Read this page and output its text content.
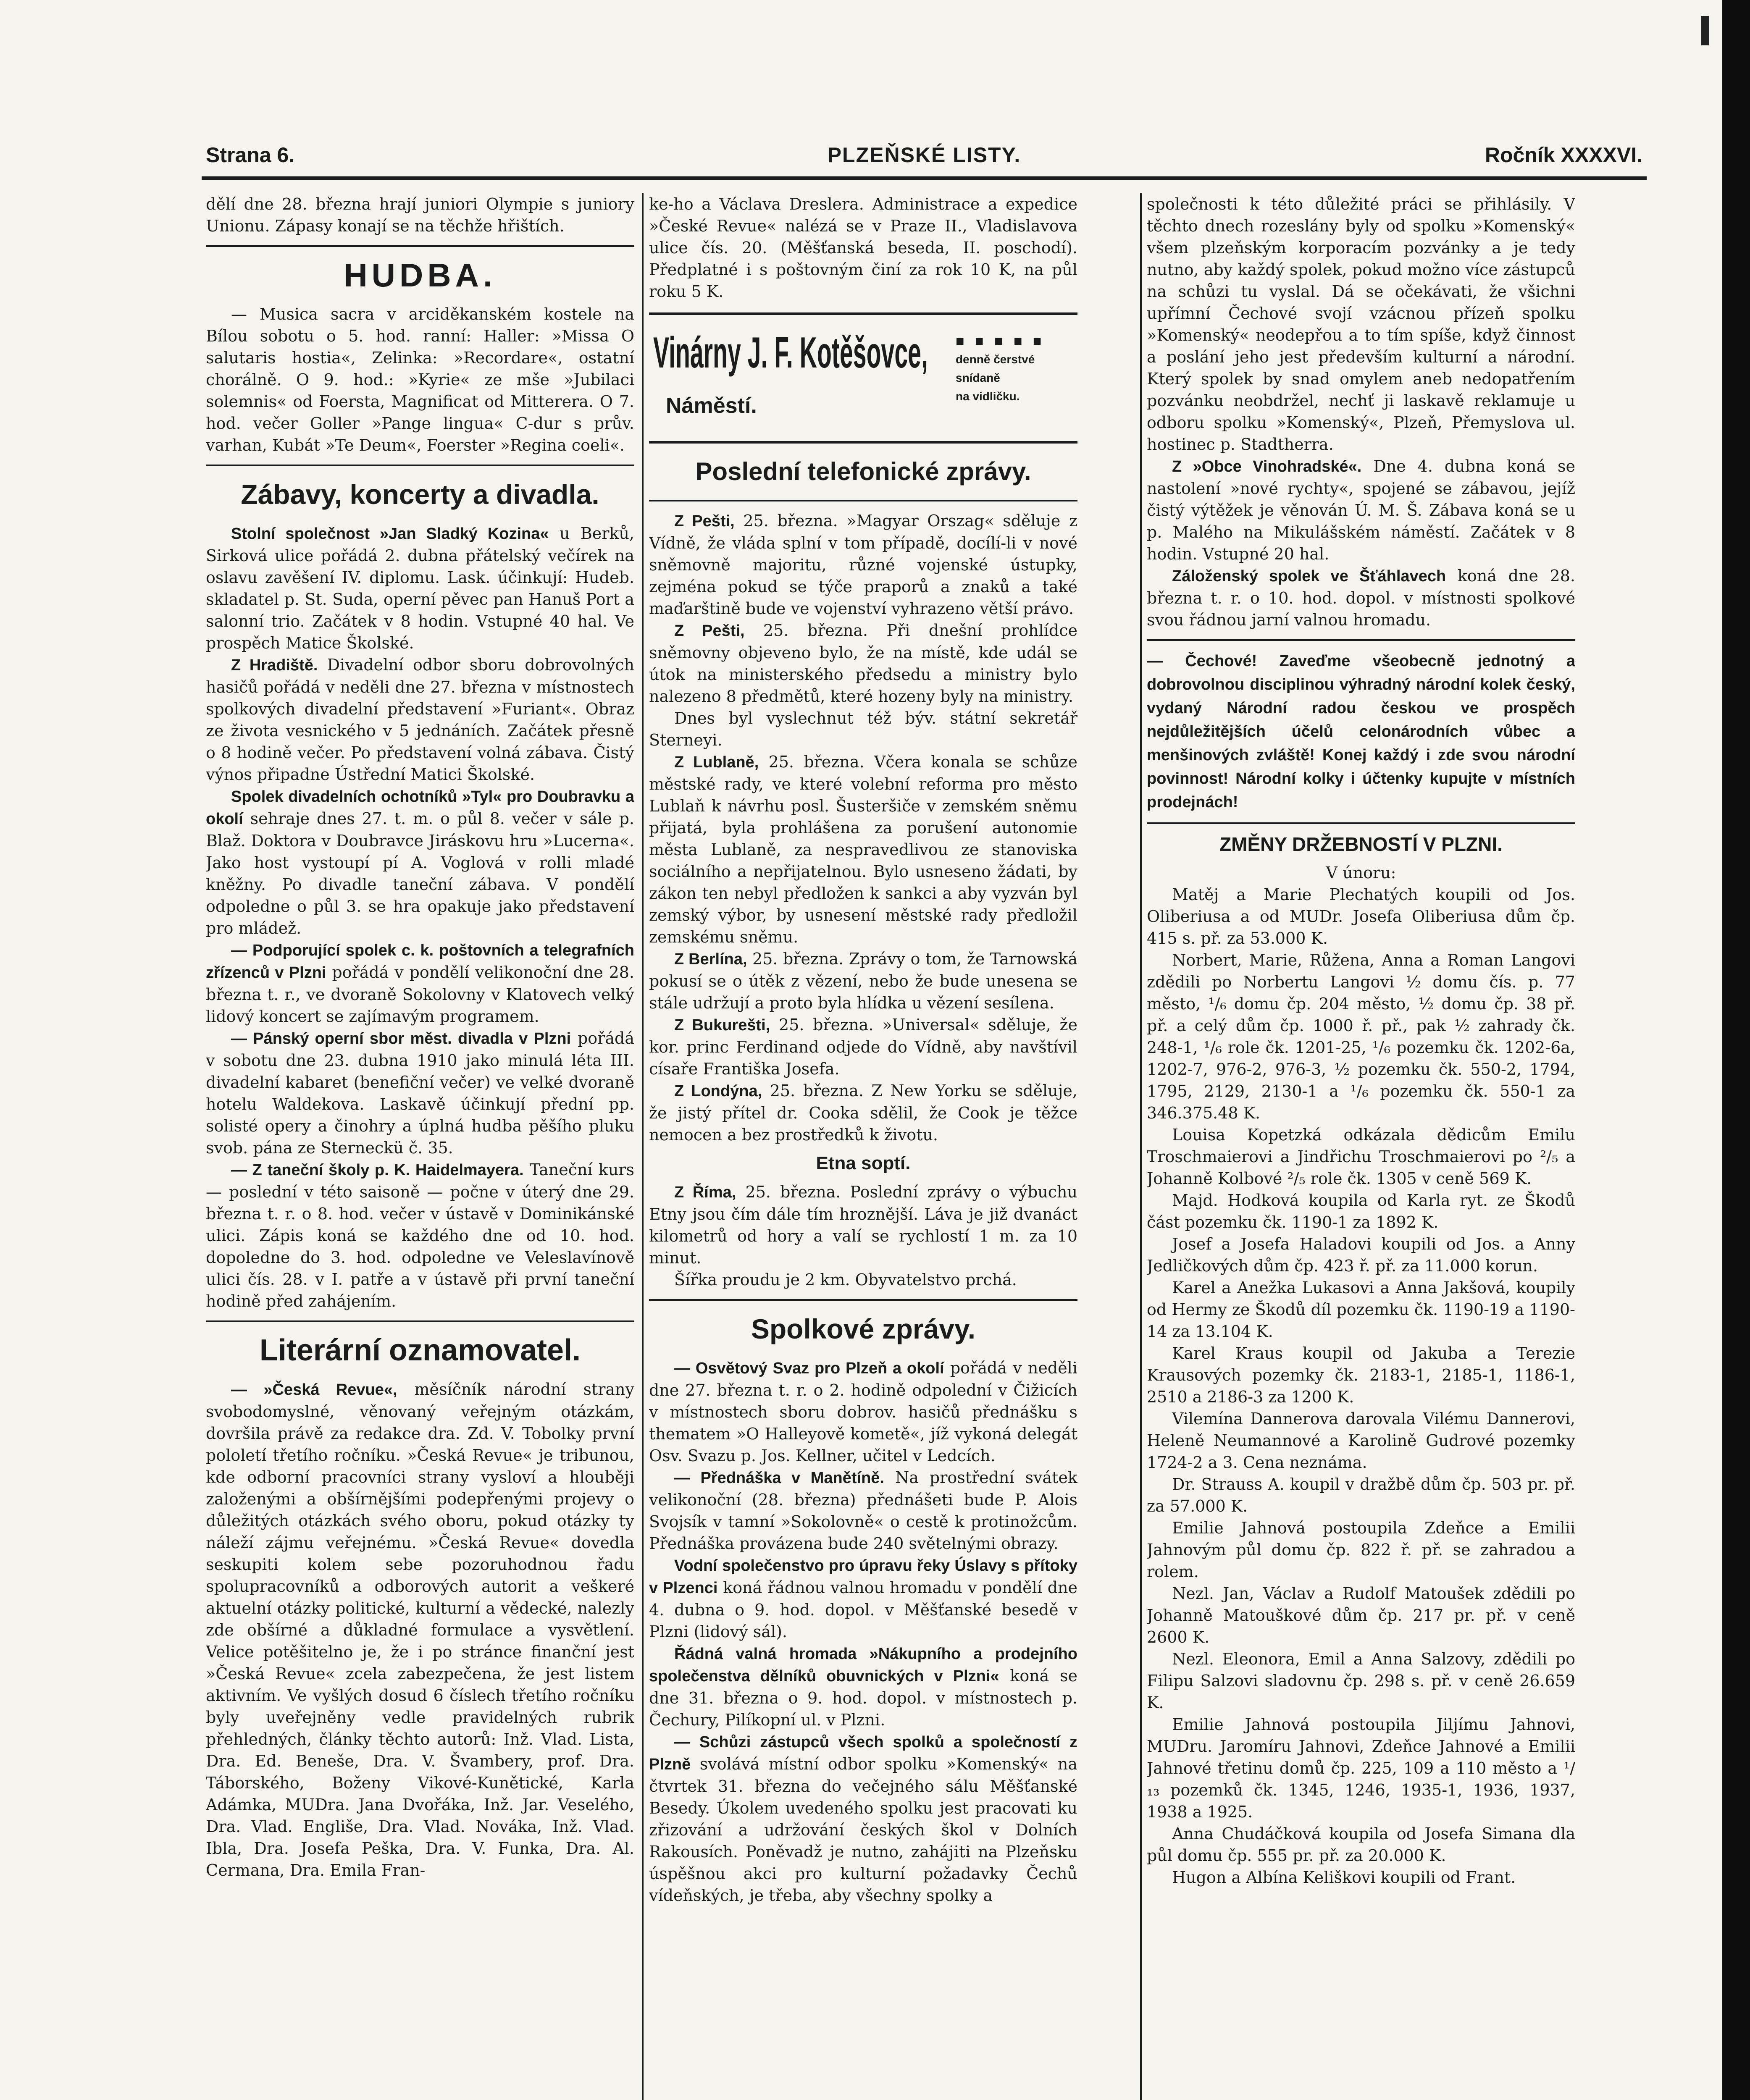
Strana 6.	PLZEŇSKÉ LISTY.	Ročník XXXXVI.

dělí dne 28. března hrají juniori Olympie s juniory Unionu. Zápasy konají se na těchže hřištích.

HUDBA.

— Musica sacra v arciděkanském kostele na Bílou sobotu o 5. hod. ranní: Haller: »Missa O salutaris hostia«, Zelinka: »Recordare«, ostatní chorálně. O 9. hod.: »Kyrie« ze mše »Jubilaci solemnis« od Foersta, Magnificat od Mitterera. O 7. hod. večer Goller »Pange lingua« C-dur s prův. varhan, Kubát »Te Deum«, Foerster »Regina coeli«.

Zábavy, koncerty a divadla.

Stolní společnost »Jan Sladký Kozina« u Berků, Sirková ulice pořádá 2. dubna přátelský večírek na oslavu zavěšení IV. diplomu. Lask. účinkují: Hudeb. skladatel p. St. Suda, operní pěvec pan Hanuš Port a salonní trio. Začátek v 8 hodin. Vstupné 40 hal. Ve prospěch Matice Školské.

Z Hradiště. Divadelní odbor sboru dobrovolných hasičů pořádá v neděli dne 27. března v místnostech spolkových divadelní představení »Furiant«. Obraz ze života vesnického v 5 jednáních. Začátek přesně o 8 hodině večer. Po představení volná zábava. Čistý výnos připadne Ústřední Matici Školské.

Spolek divadelních ochotníků »Tyl« pro Doubravku a okolí sehraje dnes 27. t. m. o půl 8. večer v sále p. Blaž. Doktora v Doubravce Jiráskovu hru »Lucerna«. Jako host vystoupí pí A. Voglová v rolli mladé kněžny. Po divadle taneční zábava. V pondělí odpoledne o půl 3. se hra opakuje jako představení pro mládež.

— Podporující spolek c. k. poštovních a telegrafních zřízenců v Plzni pořádá v pondělí velikonoční dne 28. března t. r., ve dvoraně Sokolovny v Klatovech velký lidový koncert se zajímavým programem.

— Pánský operní sbor měst. divadla v Plzni pořádá v sobotu dne 23. dubna 1910 jako minulá léta III. divadelní kabaret (benefiční večer) ve velké dvoraně hotelu Waldekova. Laskavě účinkují přední pp. solisté opery a činohry a úplná hudba pěšího pluku svob. pána ze Sterneckü č. 35.

— Z taneční školy p. K. Haidelmayera. Taneční kurs — poslední v této saisoně — počne v úterý dne 29. března t. r. o 8. hod. večer v ústavě v Dominikánské ulici. Zápis koná se každého dne od 10. hod. dopoledne do 3. hod. odpoledne ve Veleslavínově ulici čís. 28. v I. patře a v ústavě při první taneční hodině před zahájením.

Literární oznamovatel.

— »Česká Revue«, měsíčník národní strany svobodomyslné, věnovaný veřejným otázkám, dovršila právě za redakce dra. Zd. V. Tobolky první pololetí třetího ročníku. »Česká Revue« je tribunou, kde odborní pracovníci strany vysloví a hlouběji založenými a obšírnějšími podepřenými projevy o důležitých otázkách svého oboru, pokud otázky ty náleží zájmu veřejnému. »Česká Revue« dovedla seskupiti kolem sebe pozoruhodnou řadu spolupracovníků a odborových autorit a veškeré aktuelní otázky politické, kulturní a vědecké, nalezly zde obšírné a důkladné formulace a vysvětlení. Velice potěšitelno je, že i po stránce finanční jest »Česká Revue« zcela zabezpečena, že jest listem aktivním. Ve vyšlých dosud 6 číslech třetího ročníku byly uveřejněny vedle pravidelných rubrik přehledných, články těchto autorů: Inž. Vlad. Lista, Dra. Ed. Beneše, Dra. V. Švambery, prof. Dra. Táborského, Boženy Vikové-Kunětické, Karla Adámka, MUDra. Jana Dvořáka, Inž. Jar. Veselého, Dra. Vlad. Engliše, Dra. Vlad. Nováka, Inž. Vlad. Ibla, Dra. Josefa Peška, Dra. V. Funka, Dra. Al. Cermana, Dra. Emila Fran-

ke-ho a Václava Dreslera. Administrace a expedice »České Revue« nalézá se v Praze II., Vladislavova ulice čís. 20. (Měšťanská beseda, II. poschodí). Předplatné i s poštovným činí za rok 10 K, na půl roku 5 K.

Vinárny J. F. Kotěšovce,
Náměstí.
■ ■ ■ ■ ■
denně čerstvé
snídaně
na vidličku.
Poslední telefonické zprávy.

Z Pešti, 25. března. »Magyar Orszag« sděluje z Vídně, že vláda splní v tom případě, docílí-li v nové sněmovně majoritu, různé vojenské ústupky, zejména pokud se týče praporů a znaků a také maďarštině bude ve vojenství vyhrazeno větší právo.

Z Pešti, 25. března. Při dnešní prohlídce sněmovny objeveno bylo, že na místě, kde udál se útok na ministerského předsedu a ministry bylo nalezeno 8 předmětů, které hozeny byly na ministry.

Dnes byl vyslechnut též býv. státní sekretář Sterneyi.

Z Lublaně, 25. března. Včera konala se schůze městské rady, ve které volební reforma pro město Lublaň k návrhu posl. Šusteršiče v zemském sněmu přijatá, byla prohlášena za porušení autonomie města Lublaně, za nespravedlivou ze stanoviska sociálního a nepřijatelnou. Bylo usneseno žádati, by zákon ten nebyl předložen k sankci a aby vyzván byl zemský výbor, by usnesení městské rady předložil zemskému sněmu.

Z Berlína, 25. března. Zprávy o tom, že Tarnowská pokusí se o útěk z vězení, nebo že bude unesena se stále udržují a proto byla hlídka u vězení sesílena.

Z Bukurešti, 25. března. »Universal« sděluje, že kor. princ Ferdinand odjede do Vídně, aby navštívil císaře Františka Josefa.

Z Londýna, 25. března. Z New Yorku se sděluje, že jistý přítel dr. Cooka sdělil, že Cook je těžce nemocen a bez prostředků k životu.

Etna soptí.

Z Říma, 25. března. Poslední zprávy o výbuchu Etny jsou čím dále tím hroznější. Láva je již dvanáct kilometrů od hory a valí se rychlostí 1 m. za 10 minut.

Šířka proudu je 2 km. Obyvatelstvo prchá.

Spolkové zprávy.

— Osvětový Svaz pro Plzeň a okolí pořádá v neděli dne 27. března t. r. o 2. hodině odpolední v Čižicích v místnostech sboru dobrov. hasičů přednášku s thematem »O Halleyově kometě«, jíž vykoná delegát Osv. Svazu p. Jos. Kellner, učitel v Ledcích.

— Přednáška v Manětíně. Na prostřední svátek velikonoční (28. března) přednášeti bude P. Alois Svojsík v tamní »Sokolovně« o cestě k protinožcům. Přednáška provázena bude 240 světelnými obrazy.

Vodní společenstvo pro úpravu řeky Úslavy s přítoky v Plzenci koná řádnou valnou hromadu v pondělí dne 4. dubna o 9. hod. dopol. v Měšťanské besedě v Plzni (lidový sál).

Řádná valná hromada »Nákupního a prodejního společenstva dělníků obuvnických v Plzni« koná se dne 31. března o 9. hod. dopol. v místnostech p. Čechury, Pilíkopní ul. v Plzni.

— Schůzi zástupců všech spolků a společností z Plzně svolává místní odbor spolku »Komenský« na čtvrtek 31. března do večejného sálu Měšťanské Besedy. Úkolem uvedeného spolku jest pracovati ku zřizování a udržování českých škol v Dolních Rakousích. Poněvadž je nutno, zahájiti na Plzeňsku úspěšnou akci pro kulturní požadavky Čechů vídeňských, je třeba, aby všechny spolky a

společnosti k této důležité práci se přihlásily. V těchto dnech rozeslány byly od spolku »Komenský« všem plzeňským korporacím pozvánky a je tedy nutno, aby každý spolek, pokud možno více zástupců na schůzi tu vyslal. Dá se očekávati, že všichni upřímní Čechové svojí vzácnou přízeň spolku »Komenský« neodepřou a to tím spíše, když činnost a poslání jeho jest především kulturní a národní. Který spolek by snad omylem aneb nedopatřením pozvánku neobdržel, nechť ji laskavě reklamuje u odboru spolku »Komenský«, Plzeň, Přemyslova ul. hostinec p. Stadtherra.

Z »Obce Vinohradské«. Dne 4. dubna koná se nastolení »nové rychty«, spojené se zábavou, jejíž čistý výtěžek je věnován Ú. M. Š. Zábava koná se u p. Malého na Mikulášském náměstí. Začátek v 8 hodin. Vstupné 20 hal.

Záloženský spolek ve Šťáhlavech koná dne 28. března t. r. o 10. hod. dopol. v místnosti spolkové svou řádnou jarní valnou hromadu.

— Čechové! Zaveďme všeobecně jednotný a dobrovolnou disciplinou výhradný národní kolek český, vydaný Národní radou českou ve prospěch nejdůležitějších účelů celonárodních vůbec a menšinových zvláště! Konej každý i zde svou národní povinnost! Národní kolky i účtenky kupujte v místních prodejnách!
ZMĚNY DRŽEBNOSTÍ V PLZNI.

V únoru:

Matěj a Marie Plechatých koupili od Jos. Oliberiusa a od MUDr. Josefa Oliberiusa dům čp. 415 s. př. za 53.000 K.

Norbert, Marie, Růžena, Anna a Roman Langovi zdědili po Norbertu Langovi ½ domu čís. p. 77 město, ¹/₆ domu čp. 204 město, ½ domu čp. 38 př. př. a celý dům čp. 1000 ř. př., pak ½ zahrady čk. 248-1, ¹/₆ role čk. 1201-25, ¹/₆ pozemku čk. 1202-6a, 1202-7, 976-2, 976-3, ½ pozemku čk. 550-2, 1794, 1795, 2129, 2130-1 a ¹/₆ pozemku čk. 550-1 za 346.375.48 K.

Louisa Kopetzká odkázala dědicům Emilu Troschmaierovi a Jindřichu Troschmaierovi po ²/₅ a Johanně Kolbové ²/₅ role čk. 1305 v ceně 569 K.

Majd. Hodková koupila od Karla ryt. ze Škodů část pozemku čk. 1190-1 za 1892 K.

Josef a Josefa Haladovi koupili od Jos. a Anny Jedličkových dům čp. 423 ř. př. za 11.000 korun.

Karel a Anežka Lukasovi a Anna Jakšová, koupily od Hermy ze Škodů díl pozemku čk. 1190-19 a 1190-14 za 13.104 K.

Karel Kraus koupil od Jakuba a Terezie Krausových pozemky čk. 2183-1, 2185-1, 1186-1, 2510 a 2186-3 za 1200 K.

Vilemína Dannerova darovala Vilému Dannerovi, Heleně Neumannové a Karolině Gudrové pozemky 1724-2 a 3. Cena neznáma.

Dr. Strauss A. koupil v dražbě dům čp. 503 pr. př. za 57.000 K.

Emilie Jahnová postoupila Zdeňce a Emilii Jahnovým půl domu čp. 822 ř. př. se zahradou a rolem.

Nezl. Jan, Václav a Rudolf Matoušek zdědili po Johanně Matouškové dům čp. 217 pr. př. v ceně 2600 K.

Nezl. Eleonora, Emil a Anna Salzovy, zdědili po Filipu Salzovi sladovnu čp. 298 s. př. v ceně 26.659 K.

Emilie Jahnová postoupila Jiljímu Jahnovi, MUDru. Jaromíru Jahnovi, Zdeňce Jahnové a Emilii Jahnové třetinu domů čp. 225, 109 a 110 město a ¹/₁₃ pozemků čk. 1345, 1246, 1935-1, 1936, 1937, 1938 a 1925.

Anna Chudáčková koupila od Josefa Simana dla půl domu čp. 555 pr. př. za 20.000 K.

Hugon a Albína Keliškovi koupili od Frant.
